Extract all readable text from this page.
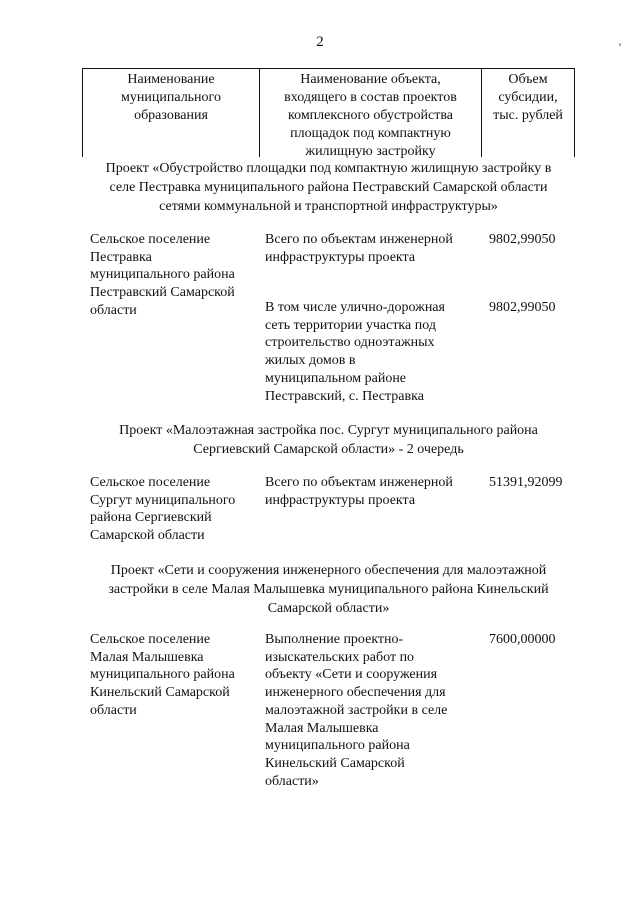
2	'
Наименование
муниципального
образования
Наименование объекта,
входящего в состав проектов
комплексного обустройства
площадок под компактную
жилищную застройку
Объем
субсидии,
тыс. рублей
Проект «Обустройство площадки под компактную жилищную застройку в
селе Пестравка муниципального района Пестравский Самарской области
сетями коммунальной и транспортной инфраструктуры»
Сельское поселение
Пестравка
муниципального района
Пестравский Самарской
области
Всего по объектам инженерной
инфраструктуры проекта
9802,99050
В том числе улично-дорожная
сеть территории участка под
строительство одноэтажных
жилых домов в
муниципальном районе
Пестравский, с. Пестравка
9802,99050
Проект «Малоэтажная застройка пос. Сургут муниципального района
Сергиевский Самарской области» - 2 очередь
Сельское поселение
Сургут муниципального
района Сергиевский
Самарской области
Всего по объектам инженерной
инфраструктуры проекта
51391,92099
Проект «Сети и сооружения инженерного обеспечения для малоэтажной
застройки в селе Малая Малышевка муниципального района Кинельский
Самарской области»
Сельское поселение
Малая Малышевка
муниципального района
Кинельский Самарской
области
Выполнение проектно-
изыскательских работ по
объекту «Сети и сооружения
инженерного обеспечения для
малоэтажной застройки в селе
Малая Малышевка
муниципального района
Кинельский Самарской
области»
7600,00000
